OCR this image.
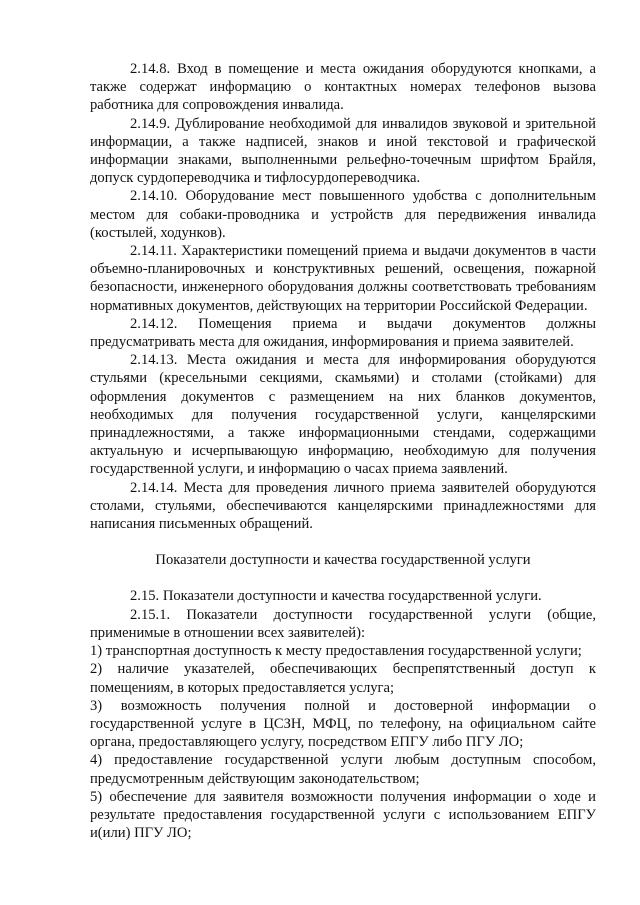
2.14.8. Вход в помещение и места ожидания оборудуются кнопками, а также содержат информацию о контактных номерах телефонов вызова работника для сопровождения инвалида.

2.14.9. Дублирование необходимой для инвалидов звуковой и зрительной информации, а также надписей, знаков и иной текстовой и графической информации знаками, выполненными рельефно-точечным шрифтом Брайля, допуск сурдопереводчика и тифлосурдопереводчика.

2.14.10. Оборудование мест повышенного удобства с дополнительным местом для собаки-проводника и устройств для передвижения инвалида (костылей, ходунков).

2.14.11. Характеристики помещений приема и выдачи документов в части объемно-планировочных и конструктивных решений, освещения, пожарной безопасности, инженерного оборудования должны соответствовать требованиям нормативных документов, действующих на территории Российской Федерации.

2.14.12. Помещения приема и выдачи документов должны предусматривать места для ожидания, информирования и приема заявителей.

2.14.13. Места ожидания и места для информирования оборудуются стульями (кресельными секциями, скамьями) и столами (стойками) для оформления документов с размещением на них бланков документов, необходимых для получения государственной услуги, канцелярскими принадлежностями, а также информационными стендами, содержащими актуальную и исчерпывающую информацию, необходимую для получения государственной услуги, и информацию о часах приема заявлений.

2.14.14. Места для проведения личного приема заявителей оборудуются столами, стульями, обеспечиваются канцелярскими принадлежностями для написания письменных обращений.

Показатели доступности и качества государственной услуги

2.15. Показатели доступности и качества государственной услуги.

2.15.1. Показатели доступности государственной услуги (общие, применимые в отношении всех заявителей):

1) транспортная доступность к месту предоставления государственной услуги;

2) наличие указателей, обеспечивающих беспрепятственный доступ к помещениям, в которых предоставляется услуга;

3) возможность получения полной и достоверной информации о государственной услуге в ЦСЗН, МФЦ, по телефону, на официальном сайте органа, предоставляющего услугу, посредством ЕПГУ либо ПГУ ЛО;

4) предоставление государственной услуги любым доступным способом, предусмотренным действующим законодательством;

5) обеспечение для заявителя возможности получения информации о ходе и результате предоставления государственной услуги с использованием ЕПГУ и(или) ПГУ ЛО;
